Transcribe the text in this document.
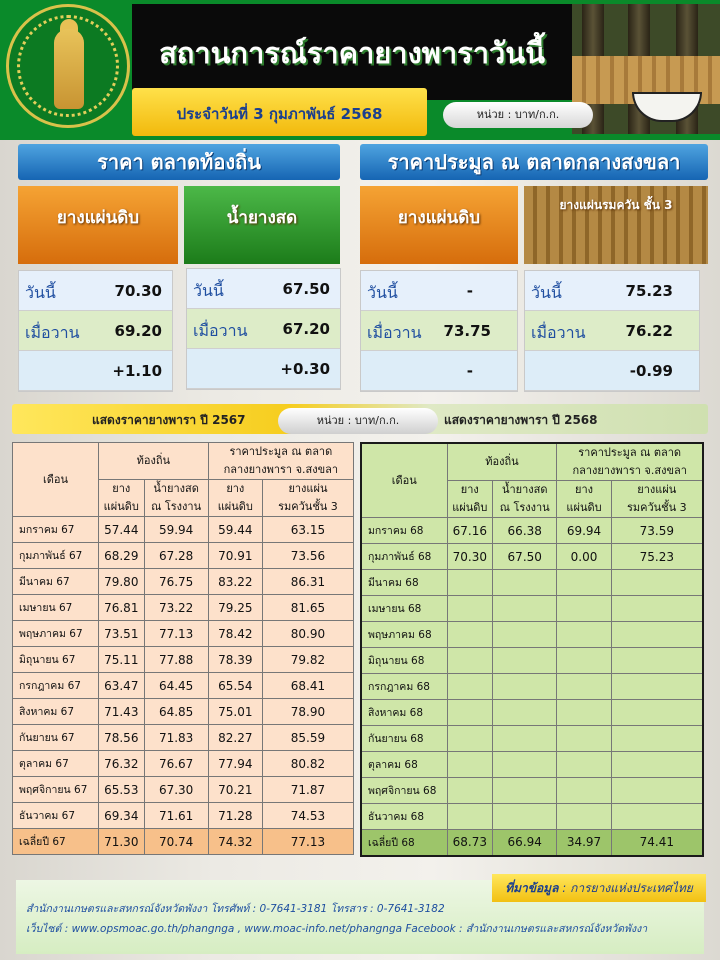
สถานการณ์ราคายางพาราวันนี้
ประจำวันที่ 3 กุมภาพันธ์ 2568	หน่วย : บาท/ก.ก.
ราคา ตลาดท้องถิ่น	ราคาประมูล ณ ตลาดกลางสงขลา
ยางแผ่นดิบ	น้ำยางสด	ยางแผ่นดิบ
ยางแผ่นรมควัน ชั้น 3
วันนี้	70.30
เมื่อวาน 69.20
+1.10
วันนี้	67.50
เมื่อวาน 67.20
+0.30
วันนี้	-
เมื่อวาน 73.75
-
วันนี้	75.23
เมื่อวาน	76.22
-0.99
แสดงราคายางพารา ปี 2567	แสดงราคายางพารา ปี 2568
หน่วย : บาท/ก.ก.
เดือน	ท้องถิ่น		ราคาประมูล ณ ตลาด
กลางยางพารา จ.สงขลา	
	ยาง
แผ่นดิบ	น้ำยางสด
ณ โรงงาน	ยาง
แผ่นดิบ	ยางแผ่น
รมควันชั้น 3
มกราคม 67	57.44	59.94	59.44	63.15
กุมภาพันธ์ 67	68.29	67.28	70.91	73.56
มีนาคม 67	79.80	76.75	83.22	86.31
เมษายน 67	76.81	73.22	79.25	81.65
พฤษภาคม 67	73.51	77.13	78.42	80.90
มิถุนายน 67	75.11	77.88	78.39	79.82
กรกฎาคม 67	63.47	64.45	65.54	68.41
สิงหาคม 67	71.43	64.85	75.01	78.90
กันยายน 67	78.56	71.83	82.27	85.59
ตุลาคม 67	76.32	76.67	77.94	80.82
พฤศจิกายน 67	65.53	67.30	70.21	71.87
ธันวาคม 67	69.34	71.61	71.28	74.53
เฉลี่ยปี 67	71.30	70.74	74.32	77.13
เดือน	ท้องถิ่น		ราคาประมูล ณ ตลาด
กลางยางพารา จ.สงขลา	
	ยาง
แผ่นดิบ	น้ำยางสด
ณ โรงงาน	ยาง
แผ่นดิบ	ยางแผ่น
รมควันชั้น 3
มกราคม 68	67.16	66.38	69.94	73.59
กุมภาพันธ์ 68	70.30	67.50	0.00	75.23
มีนาคม 68				
เมษายน 68				
พฤษภาคม 68				
มิถุนายน 68				
กรกฎาคม 68				
สิงหาคม 68				
กันยายน 68				
ตุลาคม 68				
พฤศจิกายน 68				
ธันวาคม 68				
เฉลี่ยปี 68	68.73	66.94	34.97	74.41
สำนักงานเกษตรและสหกรณ์จังหวัดพังงา โทรศัพท์ : 0-7641-3181 โทรสาร : 0-7641-3182
เว็บไซต์ : www.opsmoac.go.th/phangnga , www.moac-info.net/phangnga Facebook : สำนักงานเกษตรและสหกรณ์จังหวัดพังงา
ที่มาข้อมูล : การยางแห่งประเทศไทย
